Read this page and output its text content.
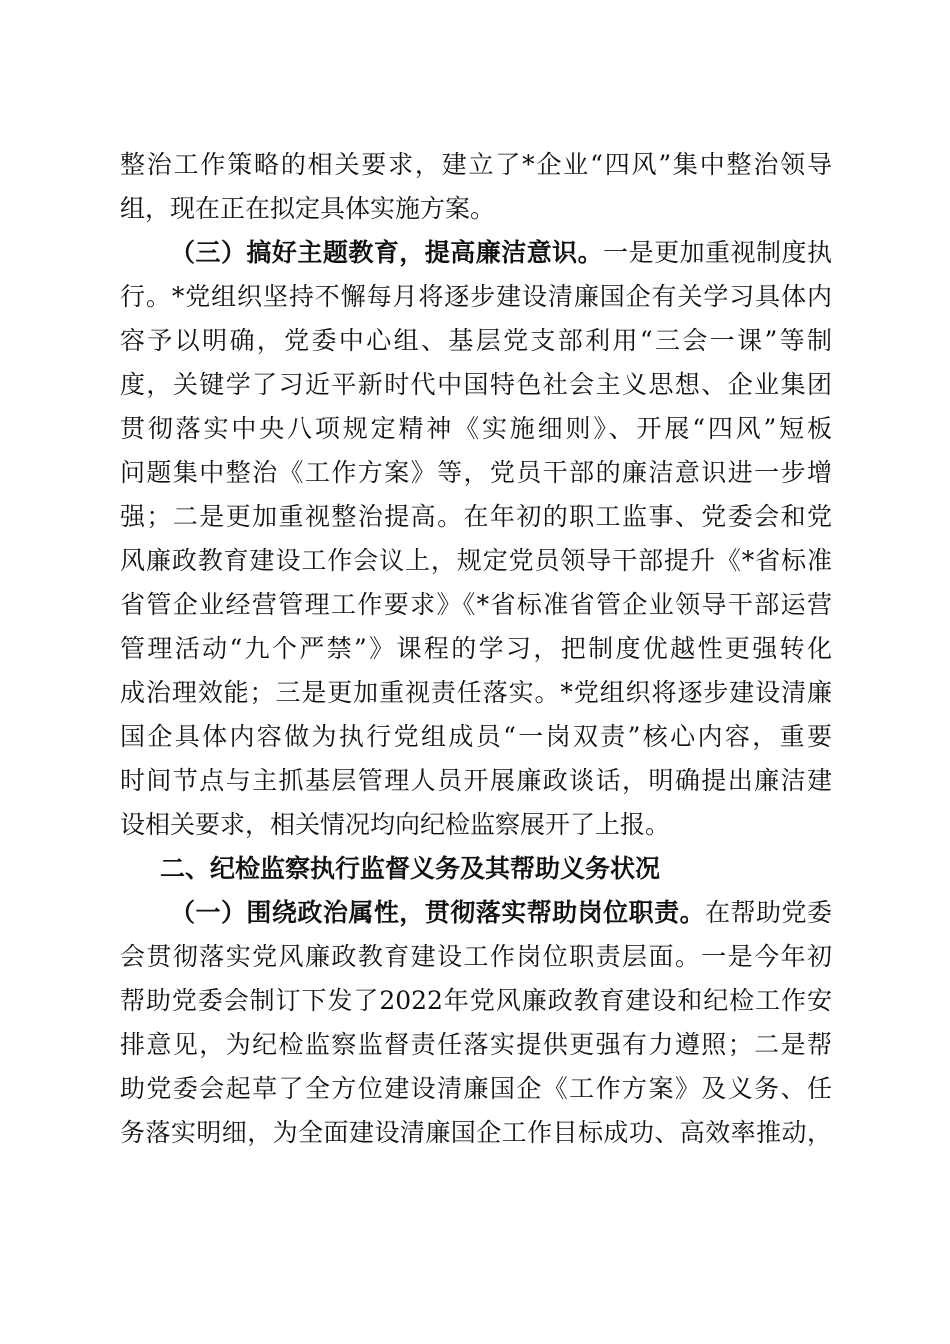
整治工作策略的相关要求，建立了*企业“四风”集中整治领导
组，现在正在拟定具体实施方案。
（三）搞好主题教育，提高廉洁意识。一是更加重视制度执
行。*党组织坚持不懈每月将逐步建设清廉国企有关学习具体内
容予以明确，党委中心组、基层党支部利用“三会一课”等制
度，关键学了习近平新时代中国特色社会主义思想、企业集团
贯彻落实中央八项规定精神《实施细则》、开展“四风”短板
问题集中整治《工作方案》等，党员干部的廉洁意识进一步增
强；二是更加重视整治提高。在年初的职工监事、党委会和党
风廉政教育建设工作会议上，规定党员领导干部提升《*省标准
省管企业经营管理工作要求》《*省标准省管企业领导干部运营
管理活动“九个严禁”》课程的学习，把制度优越性更强转化
成治理效能；三是更加重视责任落实。*党组织将逐步建设清廉
国企具体内容做为执行党组成员“一岗双责”核心内容，重要
时间节点与主抓基层管理人员开展廉政谈话，明确提出廉洁建
设相关要求，相关情况均向纪检监察展开了上报。
二、纪检监察执行监督义务及其帮助义务状况
（一）围绕政治属性，贯彻落实帮助岗位职责。在帮助党委
会贯彻落实党风廉政教育建设工作岗位职责层面。一是今年初
帮助党委会制订下发了2022年党风廉政教育建设和纪检工作安
排意见，为纪检监察监督责任落实提供更强有力遵照；二是帮
助党委会起草了全方位建设清廉国企《工作方案》及义务、任
务落实明细，为全面建设清廉国企工作目标成功、高效率推动，
